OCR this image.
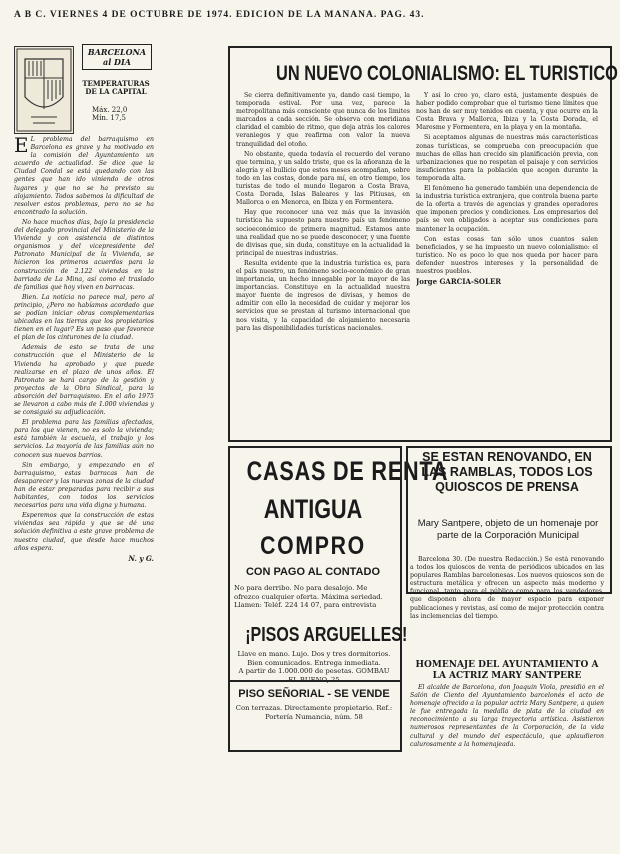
A B C. VIERNES 4 DE OCTUBRE DE 1974. EDICION DE LA MAÑANA. PAG. 43.
BARCELONA
al DIA
TEMPERATURAS DE LA CAPITAL
Máx. 22,0
Mín. 17,5

E L problema del barraquismo en Barcelona es grave y ha motivado en la comisión del Ayuntamiento un acuerdo de actualidad. Se dice que la Ciudad Condal se está quedando con las gentes que han ido viniendo de otros lugares y que no se ha previsto su alojamiento. Todos sabemos la dificultad de resolver estos problemas, pero no se ha encontrado la solución.

No hace muchos días, bajo la presidencia del delegado provincial del Ministerio de la Vivienda y con asistencia de distintos organismos y del vicepresidente del Patronato Municipal de la Vivienda, se hicieron los primeros acuerdos para la construcción de 2.122 viviendas en la barriada de La Mina, así como el traslado de familias que hoy viven en barracas.

Bien. La noticia no parece mal, pero al principio, ¿Pero no habíamos acordado que se podían iniciar obras complementarias ubicadas en las tierras que los propietarios tienen en el lugar? Es un paso que favorece el plan de los cinturones de la ciudad.

Además de esto se trata de una construcción que el Ministerio de la Vivienda ha aprobado y que puede realizarse en el plazo de unos años. El Patronato se hará cargo de la gestión y proyectos de la Obra Sindical, para la absorción del barraquismo. En el año 1975 se llevaron a cabo más de 1.000 viviendas y se consiguió su adjudicación.

El problema para las familias afectadas, para los que vienen, no es solo la vivienda; está también la escuela, el trabajo y los servicios. La mayoría de las familias aún no conocen sus nuevos barrios.

Sin embargo, y empezando en el barraquismo, estas barracas han de desaparecer y las nuevas zonas de la ciudad han de estar preparadas para recibir a sus habitantes, con todos los servicios necesarios para una vida digna y humana.

Esperemos que la construcción de estas viviendas sea rápida y que se dé una solución definitiva a este grave problema de nuestra ciudad, que desde hace muchos años espera.

N. y G.

UN NUEVO COLONIALISMO: EL TURISTICO

Se cierra definitivamente ya, dando casi tiempo, la temporada estival. Por una vez, parece la metropolitana más consciente que nunca de los limites marcados a cada sección. Se observa con meridiana claridad el cambio de ritmo, que deja atrás los calores veraniegos y que reafirma con valor la nueva tranquilidad del otoño.

No obstante, queda todavía el recuerdo del verano que termina, y un saldo triste, que es la añoranza de la alegría y el bullicio que estos meses acompañan, sobre todo en las costas, donde para mí, en otro tiempo, los turistas de todo el mundo llegaron a Costa Brava, Costa Dorada, Islas Baleares y las Pitiusas, en Mallorca o en Menorca, en Ibiza y en Formentera.

Hay que reconocer una vez más que la invasión turística ha supuesto para nuestro país un fenómeno socioeconómico de primera magnitud. Estamos ante una realidad que no se puede desconocer, y una fuente de divisas que, sin duda, constituye en la actualidad la principal de nuestras industrias.

Resulta evidente que la industria turística es, para el país nuestro, un fenómeno socio-económico de gran importancia, un hecho innegable por la mayor de las importancias. Constituye en la actualidad nuestra mayor fuente de ingresos de divisas, y hemos de admitir con ello la necesidad de cuidar y mejorar los servicios que se prestan al turismo internacional que nos visita, y la capacidad de alojamiento necesaria para las disponibilidades turísticas nacionales.

Y así lo creo yo, claro está, justamente después de haber podido comprobar que el turismo tiene límites que nos han de ser muy tenidos en cuenta, y que ocurre en la Costa Brava y Mallorca, Ibiza y la Costa Dorada, el Maresme y Formentera, en la playa y en la montaña.

Si aceptamos algunas de nuestras más características zonas turísticas, se comprueba con preocupación que muchas de ellas han crecido sin planificación previa, con urbanizaciones que no respetan el paisaje y con servicios insuficientes para la población que acogen durante la temporada alta.

El fenómeno ha generado también una dependencia de la industria turística extranjera, que controla buena parte de la oferta a través de agencias y grandes operadores que imponen precios y condiciones. Los empresarios del país se ven obligados a aceptar sus condiciones para mantener la ocupación.

Con estas cosas tan sólo unos cuantos salen beneficiados, y se ha impuesto un nuevo colonialismo: el turístico. No es poco lo que nos queda por hacer para defender nuestros intereses y la personalidad de nuestros pueblos.

Jorge GARCIA-SOLER

CASAS DE RENTA
ANTIGUA
COMPRO
CON PAGO AL CONTADO
No para derribo. No para desalojo. Me ofrezco cualquier oferta. Máxima seriedad. Llamen: Teléf. 224 14 07, para entrevista
¡PISOS ARGUELLES!
Llave en mano. Lujo. Dos y tres dormitorios. Bien comunicados. Entrega inmediata.
A partir de 1.000.000 de pesetas. GOMBAU EL BUENO, 25
PISO SEÑORIAL - SE VENDE
Con terrazas. Directamente propietario. Ref.: Portería Numancia, núm. 58
SE ESTAN RENOVANDO, EN LAS RAMBLAS, TODOS LOS QUIOSCOS DE PRENSA
Mary Santpere, objeto de un homenaje por parte de la Corporación Municipal

Barcelona 30. (De nuestra Redacción.) Se está renovando a todos los quioscos de venta de periódicos ubicados en las populares Ramblas barcelonesas. Los nuevos quioscos son de estructura metálica y ofrecen un aspecto más moderno y funcional, tanto para el público como para los vendedores, que disponen ahora de mayor espacio para exponer publicaciones y revistas, así como de mejor protección contra las inclemencias del tiempo.

HOMENAJE DEL AYUNTAMIENTO A LA ACTRIZ MARY SANTPERE

El alcalde de Barcelona, don Joaquín Viola, presidió en el Salón de Ciento del Ayuntamiento barcelonés el acto de homenaje ofrecido a la popular actriz Mary Santpere, a quien le fue entregada la medalla de plata de la ciudad en reconocimiento a su larga trayectoria artística. Asistieron numerosos representantes de la Corporación, de la vida cultural y del mundo del espectáculo, que aplaudieron calurosamente a la homenajeada.
